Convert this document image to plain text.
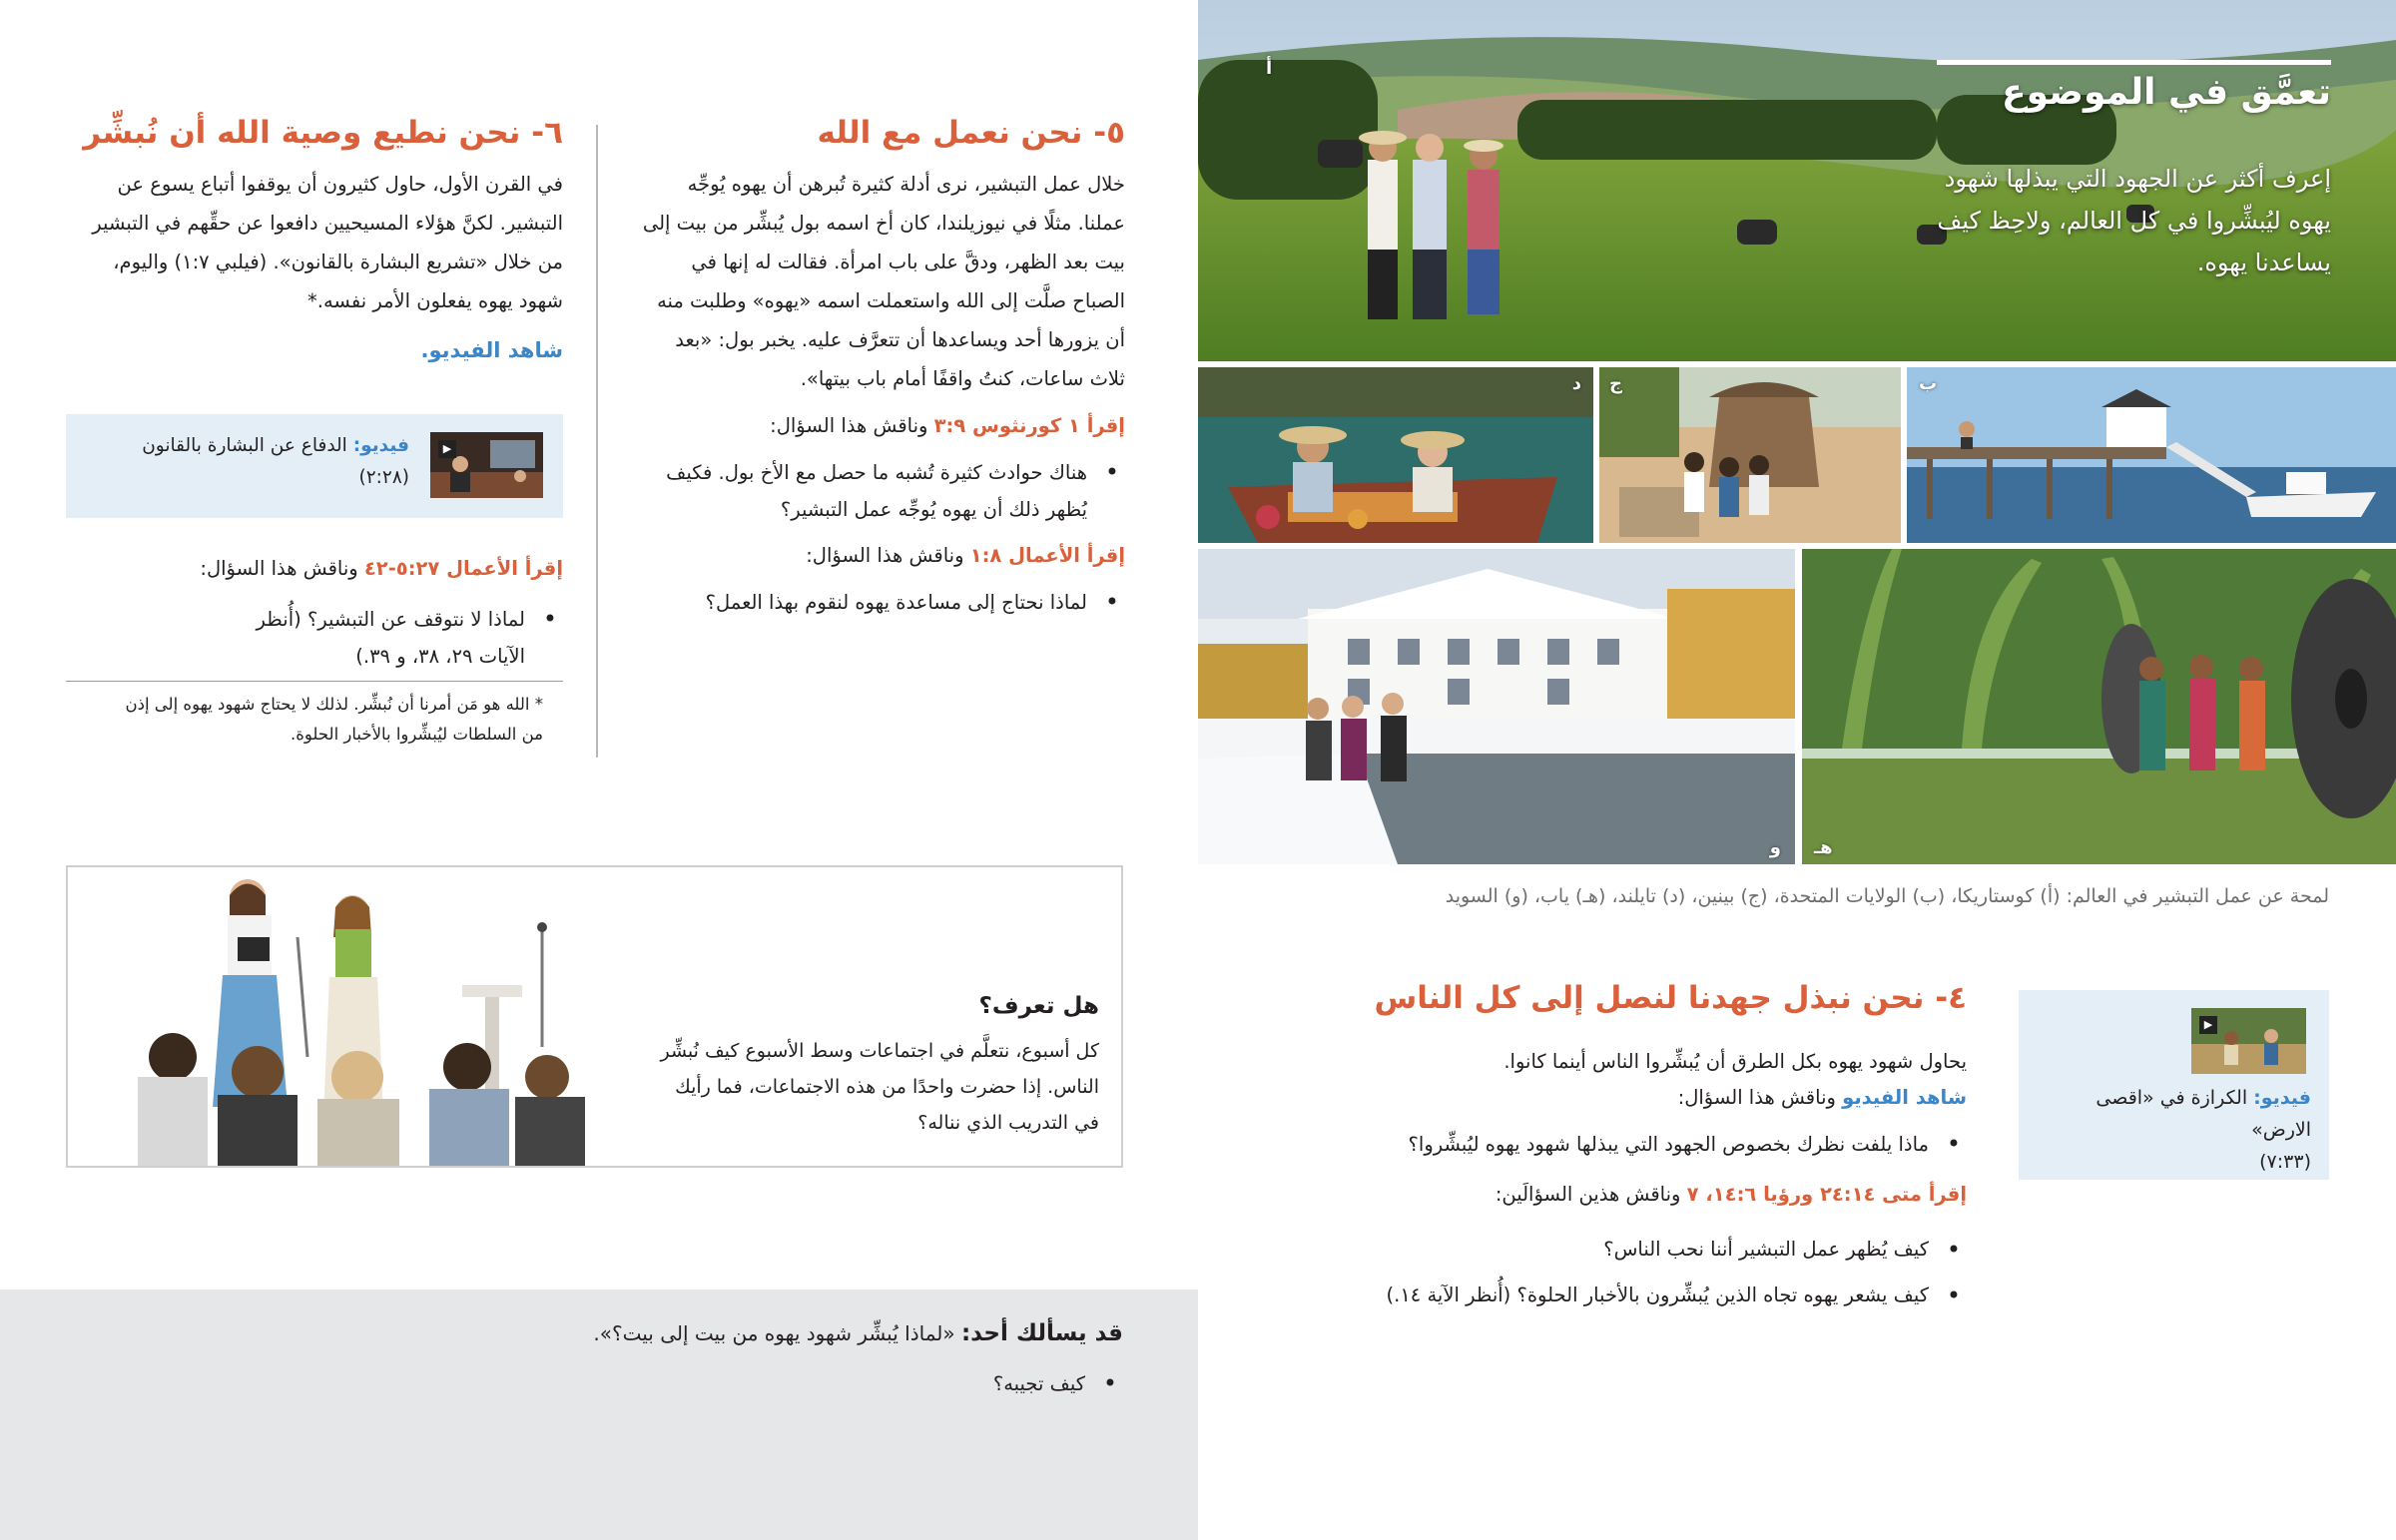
د ج	ب
و هـ
أ
تعمَّق في الموضوع

إعرف أكثر عن الجهود التي يبذلها شهود يهوه ليُبشِّروا في كل العالم، ولاحِظ كيف يساعدنا يهوه.

لمحة عن عمل التبشير في العالم: (أ) كوستاريكا، (ب) الولايات المتحدة، (ج) بينين، (د) تايلند، (هـ) ياب، (و) السويد

▶
فيديو: الكرازة في «اقصى الارض»
(٧:٣٣)
٤- نحن نبذل جهدنا لنصل إلى كل الناس

يحاول شهود يهوه بكل الطرق أن يُبشِّروا الناس أينما كانوا.

شاهد الفيديو وناقش هذا السؤال:

• ماذا يلفت نظرك بخصوص الجهود التي يبذلها شهود يهوه ليُبشِّروا؟

إقرأ متى ٢٤:١٤ ورؤيا ١٤:٦، ٧ وناقش هذين السؤالَين:

• كيف يُظهر عمل التبشير أننا نحب الناس؟
• كيف يشعر يهوه تجاه الذين يُبشِّرون بالأخبار الحلوة؟ (أُنظر الآية ١٤.)
٥- نحن نعمل مع الله

خلال عمل التبشير، نرى أدلة كثيرة تُبرهن أن يهوه يُوجِّه عملنا. مثلًا في نيوزيلندا، كان أخ اسمه بول يُبشِّر من بيت إلى بيت بعد الظهر، ودقَّ على باب امرأة. فقالت له إنها في الصباح صلَّت إلى الله واستعملت اسمه «يهوه» وطلبت منه أن يزورها أحد ويساعدها أن تتعرَّف عليه. يخبر بول: «بعد ثلاث ساعات، كنتُ واقفًا أمام باب بيتها».

إقرأ ١ كورنثوس ٣:٩ وناقش هذا السؤال:

• هناك حوادث كثيرة تُشبه ما حصل مع الأخ بول. فكيف يُظهر ذلك أن يهوه يُوجِّه عمل التبشير؟

إقرأ الأعمال ١:٨ وناقش هذا السؤال:

• لماذا نحتاج إلى مساعدة يهوه لنقوم بهذا العمل؟
٦- نحن نطيع وصية الله أن نُبشِّر

في القرن الأول، حاول كثيرون أن يوقفوا أتباع يسوع عن التبشير. لكنَّ هؤلاء المسيحيين دافعوا عن حقِّهم في التبشير من خلال «تشريع البشارة بالقانون». (فيلبي ١:٧) واليوم، شهود يهوه يفعلون الأمر نفسه.*

شاهد الفيديو.

▶
فيديو: الدفاع عن البشارة بالقانون
(٢:٢٨)

إقرأ الأعمال ٥:٢٧-٤٢ وناقش هذا السؤال:

• لماذا لا نتوقف عن التبشير؟ (أُنظر الآيات ٢٩، ٣٨، و ٣٩.)

* الله هو مَن أمرنا أن نُبشِّر. لذلك لا يحتاج شهود يهوه إلى إذن من السلطات ليُبشِّروا بالأخبار الحلوة.

هل تعرف؟

كل أسبوع، نتعلَّم في اجتماعات وسط الأسبوع كيف نُبشِّر الناس. إذا حضرت واحدًا من هذه الاجتماعات، فما رأيك في التدريب الذي نناله؟

قد يسألك أحد: «لماذا يُبشِّر شهود يهوه من بيت إلى بيت؟».

• كيف تجيبه؟
